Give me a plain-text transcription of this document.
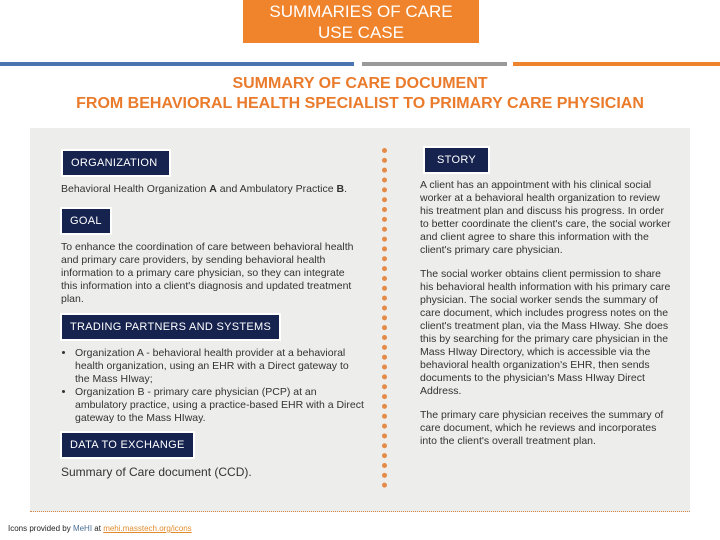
SUMMARIES OF CARE
USE CASE
SUMMARY OF CARE DOCUMENT
FROM BEHAVIORAL HEALTH SPECIALIST TO PRIMARY CARE PHYSICIAN
ORGANIZATION
Behavioral Health Organization A and Ambulatory Practice B.
GOAL
To enhance the coordination of care between behavioral health and primary care providers, by sending behavioral health information to a primary care physician, so they can integrate this information into a client's diagnosis and updated treatment plan.
TRADING PARTNERS AND SYSTEMS
• Organization A - behavioral health provider at a behavioral health organization, using an EHR with a Direct gateway to the Mass HIway;
• Organization B - primary care physician (PCP) at an ambulatory practice, using a practice-based EHR with a Direct gateway to the Mass HIway.
DATA TO EXCHANGE
Summary of Care document (CCD).
STORY

A client has an appointment with his clinical social worker at a behavioral health organization to review his treatment plan and discuss his progress. In order to better coordinate the client's care, the social worker and client agree to share this information with the client's primary care physician.

The social worker obtains client permission to share his behavioral health information with his primary care physician. The social worker sends the summary of care document, which includes progress notes on the client's treatment plan, via the Mass HIway. She does this by searching for the primary care physician in the Mass HIway Directory, which is accessible via the behavioral health organization's EHR, then sends documents to the physician's Mass HIway Direct Address.

The primary care physician receives the summary of care document, which he reviews and incorporates into the client's overall treatment plan.

Icons provided by MeHI at mehi.masstech.org/icons
